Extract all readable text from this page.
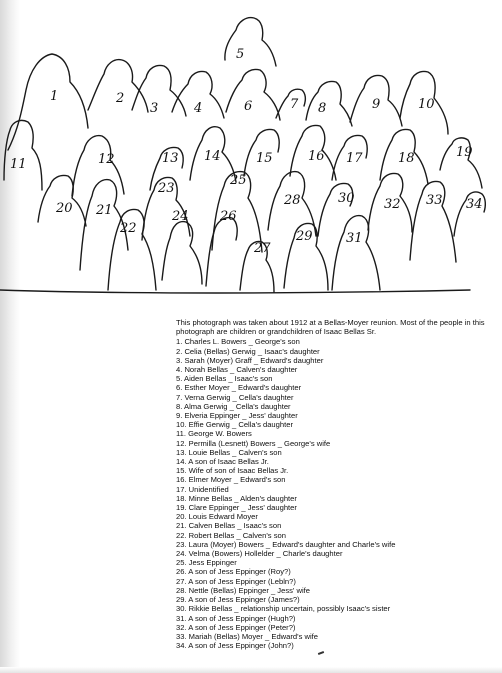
5
1	2
3	4	6	7 8	9	10
11	12	13 14	15	16 17	18	19
20 21
22
23
24
25
26
27
28
29
30
31
32 33 34

This photograph was taken about 1912 at a Bellas-Moyer reunion. Most of the people in this photograph are children or grandchildren of Isaac Bellas Sr.

1. Charles L. Bowers _ George's son
2. Celia (Bellas) Gerwig _ Isaac's daughter
3. Sarah (Moyer) Graff _ Edward's daughter
4. Norah Bellas _ Calven's daughter
5. Aiden Bellas _ Isaac's son
6. Esther Moyer _ Edward's daughter
7. Verna Gerwig _ Cella's daughter
8. Alma Gerwig _ Cella's daughter
9. Elveria Eppinger _ Jess' daughter
10. Effie Gerwig _ Cella's daughter
11. George W. Bowers
12. Permilla (Lesnett) Bowers _ George's wife
13. Louie Bellas _ Calven's son
14. A son of Isaac Bellas Jr.
15. Wife of son of Isaac Bellas Jr.
16. Elmer Moyer _ Edward's son
17. Unidentified
18. Minne Bellas _ Alden's daughter
19. Clare Eppinger _ Jess' daughter
20. Louis Edward Moyer
21. Calven Bellas _ Isaac's son
22. Robert Bellas _ Calven's son
23. Laura (Moyer) Bowers _ Edward's daughter and Charle's wife
24. Velma (Bowers) Hollelder _ Charle's daughter
25. Jess Eppinger
26. A son of Jess Eppinger (Roy?)
27. A son of Jess Eppinger (Lebln?)
28. Nettle (Bellas) Eppinger _ Jess' wife
29. A son of Jess Eppinger (James?)
30. Rikkie Bellas _ relationship uncertain, possibly Isaac's sister
31. A son of Jess Eppinger (Hugh?)
32. A son of Jess Eppinger (Peter?)
33. Mariah (Bellas) Moyer _ Edward's wife
34. A son of Jess Eppinger (John?)
